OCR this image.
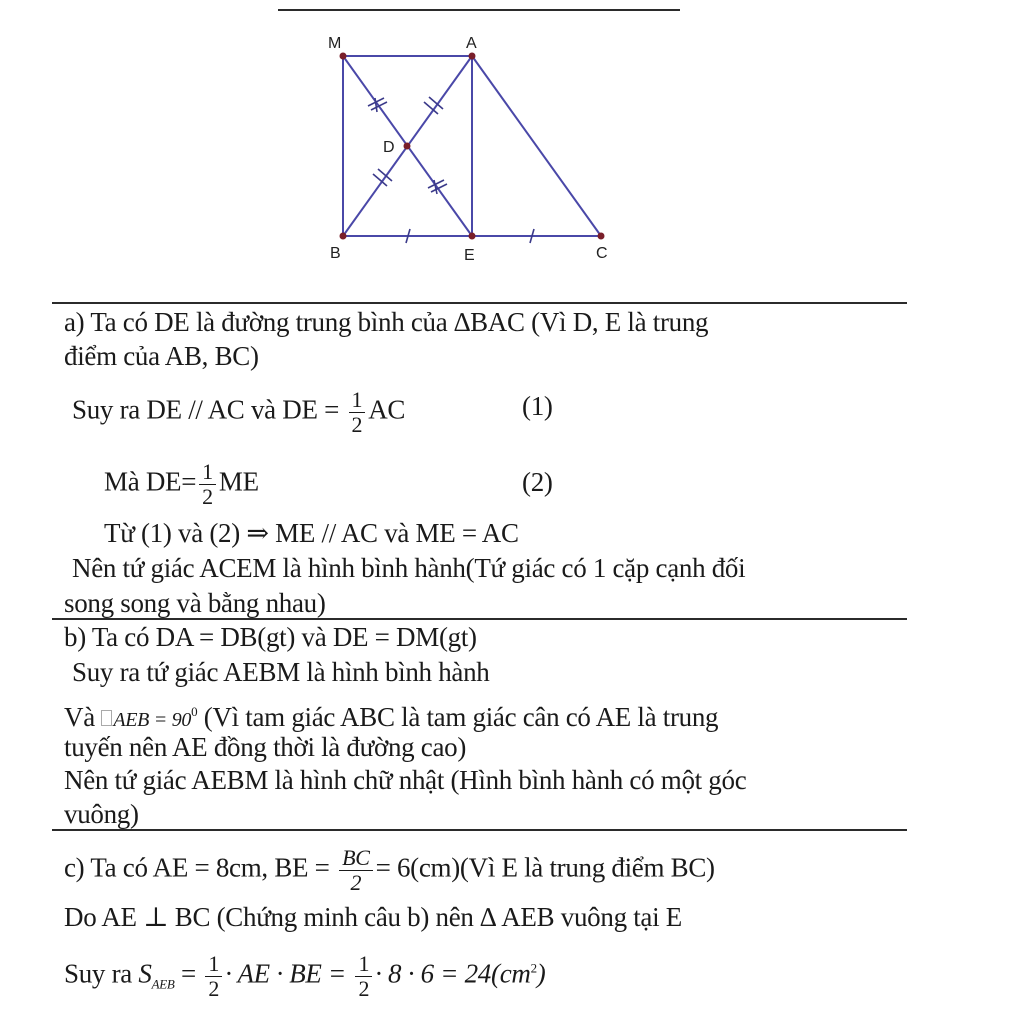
M	A
D
B	E	C
a) Ta có DE là đường trung bình của ∆BAC (Vì D, E là trung
điểm của AB, BC)
Suy ra DE // AC và DE = $\frac{1}{2}$ AC	(1)
Mà $DE= \frac{1}{2}$ ME	(2)
Từ (1) và (2) ⇒ ME // AC và ME = AC
Nên tứ giác ACEM là hình bình hành(Tứ giác có 1 cặp cạnh đối
song song và bằng nhau)
b) Ta có DA = DB(gt) và DE = DM(gt)
Suy ra tứ giác AEBM là hình bình hành
Và AEB = $90^0$ (Vì tam giác ABC là tam giác cân có AE là trung
tuyến nên AE đồng thời là đường cao)
Nên tứ giác AEBM là hình chữ nhật (Hình bình hành có một góc
vuông)
c) Ta có AE = 8cm, BE = $\frac{BC}{2}$ = 6(cm)(Vì E là trung điểm BC)
Do AE ⊥ BC (Chứng minh câu b) nên ∆ AEB vuông tại E
Suy ra $S_{AEB} = \frac{1}{2}$ · AE · BE = $\frac{1}{2} \cdot 8 \cdot 6 = 24(cm^2)$
